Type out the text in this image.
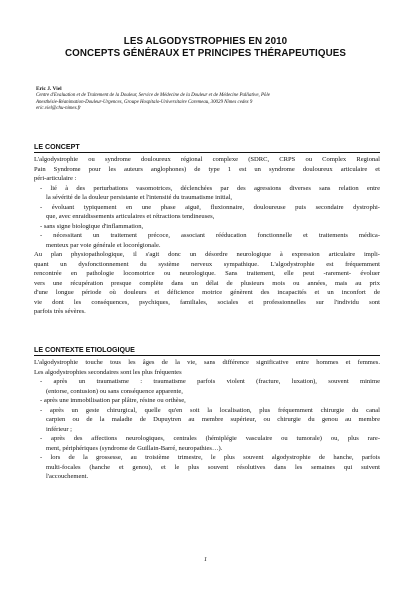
LES ALGODYSTROPHIES EN 2010
CONCEPTS GÉNÉRAUX ET PRINCIPES THÉRAPEUTIQUES
Eric J. Viel
Centre d'Evaluation et de Traitement de la Douleur, Service de Médecine de la Douleur et de Médecine Palliative, Pôle
Anesthésie-Réanimation-Douleur-Urgences, Groupe Hospitalo-Universitaire Caremeau, 30029 Nîmes cedex 9
eric.viel@chu-nimes.fr
LE CONCEPT
L'algodystrophie ou syndrome douloureux régional complexe (SDRC, CRPS ou Complex Regional
Pain Syndrome pour les auteurs anglophones) de type 1 est un syndrome douloureux articulaire et
péri-articulaire :
- lié à des perturbations vasomotrices, déclenchées par des agressions diverses sans relation entre
la sévérité de la douleur persistante et l'intensité du traumatisme initial,
- évoluant typiquement en une phase aiguë, fluxionnaire, douloureuse puis secondaire dystrophi-
que, avec enraidissements articulaires et rétractions tendineuses,
- sans signe biologique d'inflammation,
- nécessitant un traitement précoce, associant rééducation fonctionnelle et traitements médica-
menteux par voie générale et locorégionale.
Au plan physiopathologique, il s'agit donc un désordre neurologique à expression articulaire impli-
quant un dysfonctionnement du système nerveux sympathique. L'algodystrophie est fréquemment
rencontrée en pathologie locomotrice ou neurologique. Sans traitement, elle peut -rarement- évoluer
vers une récupération presque complète dans un délai de plusieurs mois ou années, mais au prix
d'une longue période où douleurs et déficience motrice génèrent des incapacités et un inconfort de
vie dont les conséquences, psychiques, familiales, sociales et professionnelles sur l'individu sont
parfois très sévères.
LE CONTEXTE ETIOLOGIQUE
L'algodystrophie touche tous les âges de la vie, sans différence significative entre hommes et femmes.
Les algodystrophies secondaires sont les plus fréquentes
- après un traumatisme : traumatisme parfois violent (fracture, luxation), souvent minime
(entorse, contusion) ou sans conséquence apparente,
- après une immobilisation par plâtre, résine ou orthèse,
- après un geste chirurgical, quelle qu'en soit la localisation, plus fréquemment chirurgie du canal
carpien ou de la maladie de Dupuytren au membre supérieur, ou chirurgie du genou au membre
inférieur ;
- après des affections neurologiques, centrales (hémiplégie vasculaire ou tumorale) ou, plus rare-
ment, périphériques (syndrome de Guillain-Barré, neuropathies…).
- lors de la grossesse, au troisième trimestre, le plus souvent algodystrophie de hanche, parfois
multi-focales (hanche et genou), et le plus souvent résolutives dans les semaines qui suivent
l'accouchement.
1
